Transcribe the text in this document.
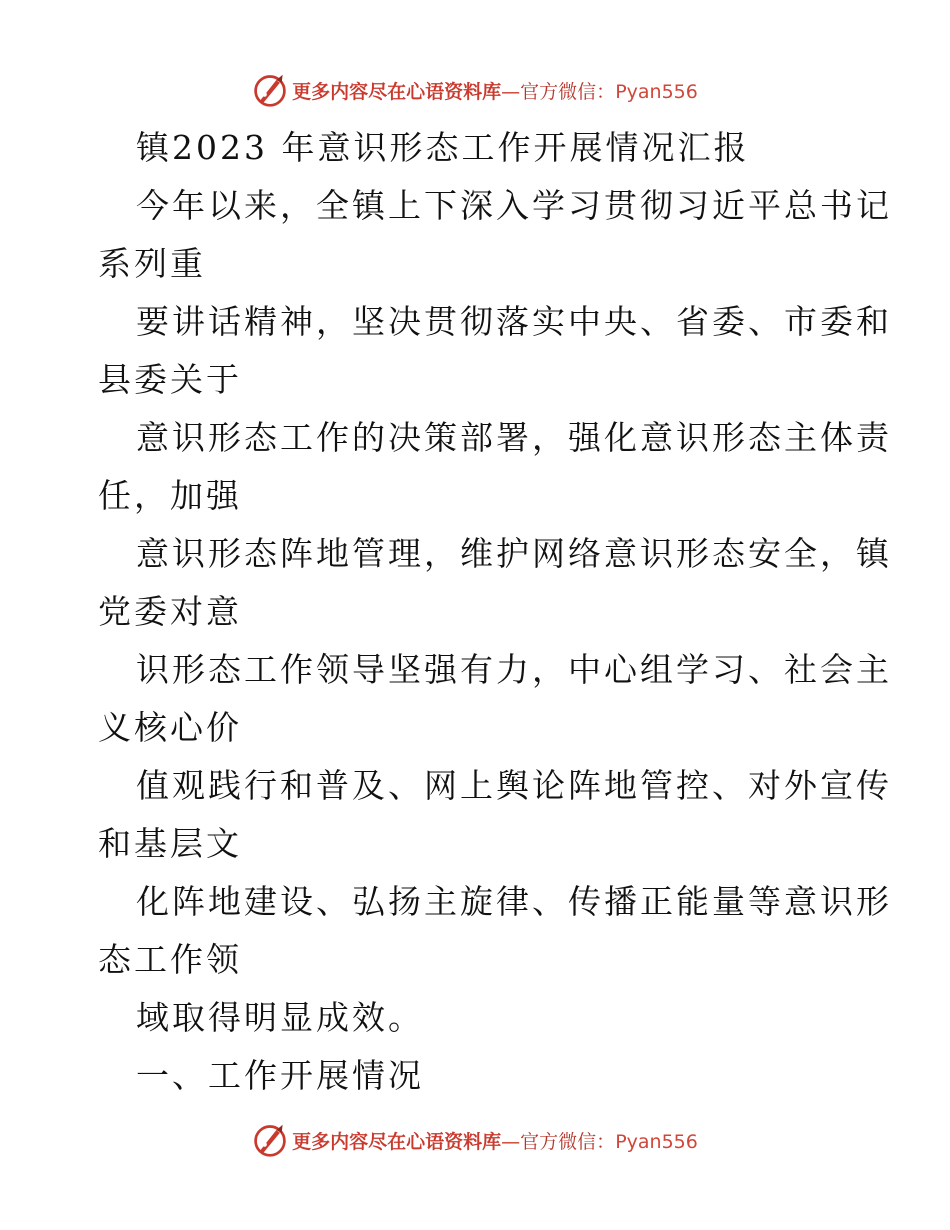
更多内容尽在心语资料库—官方微信：Pyan556
镇2023 年意识形态工作开展情况汇报
今年以来，全镇上下深入学习贯彻习近平总书记
系列重
要讲话精神，坚决贯彻落实中央、省委、市委和
县委关于
意识形态工作的决策部署，强化意识形态主体责
任，加强
意识形态阵地管理，维护网络意识形态安全，镇
党委对意
识形态工作领导坚强有力，中心组学习、社会主
义核心价
值观践行和普及、网上舆论阵地管控、对外宣传
和基层文
化阵地建设、弘扬主旋律、传播正能量等意识形
态工作领
域取得明显成效。
一、工作开展情况
更多内容尽在心语资料库—官方微信：Pyan556
